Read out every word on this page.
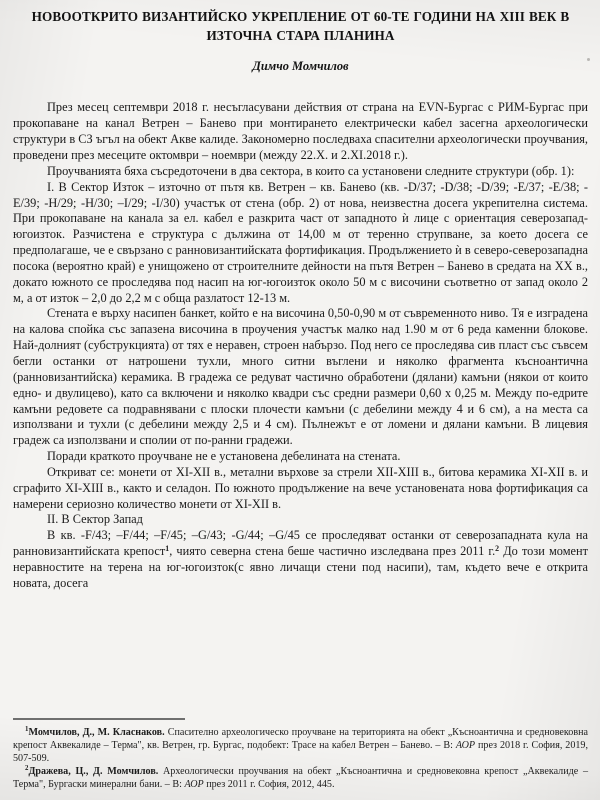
НОВООТКРИТО ВИЗАНТИЙСКО УКРЕПЛЕНИЕ ОТ 60-ТЕ ГОДИНИ НА XIII ВЕК В ИЗТОЧНА СТАРА ПЛАНИНА

Димчо Момчилов

През месец септември 2018 г. несъгласувани действия от страна на EVN-Бургас с РИМ-Бургас при прокопаване на канал Ветрен – Банево при монтирането електрически кабел засегна археологически структури в СЗ ъгъл на обект Акве калиде. Закономерно последваха спасителни археологически проучвания, проведени през месеците октомври – ноември (между 22.X. и 2.XI.2018 г.).

Проучванията бяха съсредоточени в два сектора, в които са установени следните структури (обр. 1):

I. В Сектор Изток – източно от пътя кв. Ветрен – кв. Банево (кв. -D/37; -D/38; -D/39; -E/37; -E/38; -E/39; -H/29; -H/30; –I/29; -I/30) участък от стена (обр. 2) от нова, неизвестна досега укрепителна система. При прокопаване на канала за ел. кабел е разкрита част от западното ѝ лице с ориентация северозапад-югоизток. Разчистена е структура с дължина от 14,00 м от теренно струпване, за което досега се предполагаше, че е свързано с ранновизантийската фортификация. Продължението ѝ в северо-северозападна посока (вероятно край) е унищожено от строителните дейности на пътя Ветрен – Банево в средата на XX в., докато южното се проследява под насип на юг-югоизток около 50 м с височини съответно от запад около 2 м, а от изток – 2,0 до 2,2 м с обща разлатост 12-13 м.

Стената е върху насипен банкет, който е на височина 0,50-0,90 м от съвременното ниво. Тя е изградена на калова спойка със запазена височина в проучения участък малко над 1.90 м от 6 реда каменни блокове. Най-долният (субструкцията) от тях е неравен, строен набързо. Под него се проследява сив пласт със съвсем бегли останки от натрошени тухли, много ситни въглени и няколко фрагмента къснoантична (ранновизантийска) керамика. В градежа се редуват частично обработени (дялани) камъни (някои от които едно- и двулицево), като са включени и няколко квадри със средни размери 0,60 х 0,25 м. Между по-едрите камъни редовете са подравнявани с плоски плочести камъни (с дебелини между 4 и 6 см), а на места са използвани и тухли (с дебелини между 2,5 и 4 см). Пълнежът е от ломени и дялани камъни. В лицевия градеж са използвани и сполии от по-ранни градежи.

Поради краткото проучване не е установена дебелината на стената.

Откриват се: монети от XI-XII в., метални върхове за стрели XII-XIII в., битова керамика XI-XII в. и сграфито XI-XIII в., както и селадон. По южното продължение на вече установената нова фортификация са намерени сериозно количество монети от XI-XII в.

II. В Сектор Запад

В кв. -F/43; –F/44; –F/45; –G/43; -G/44; –G/45 се проследяват останки от северозападната кула на ранновизантийската крепост$^1$, чиято северна стена беше частично изследвана през 2011 г.$^2$ До този момент неравностите на терена на юг-югоизток(с явно личащи стени под насипи), там, където вече е открита новата, досега

$^1$Момчилов, Д., М. Класнаков. Спасително археологическо проучване на територията на обект „Късноантична и средновековна крепост Аквекалиде – Терма", кв. Ветрен, гр. Бургас, подобект: Трасе на кабел Ветрен – Банево. – В: АОР през 2018 г. София, 2019, 507-509.

$^2$Дражева, Ц., Д. Момчилов. Археологически проучвания на обект „Късноантична и средновековна крепост „Аквекалиде – Терма", Бургаски минерални бани. – В: АОР през 2011 г. София, 2012, 445.
